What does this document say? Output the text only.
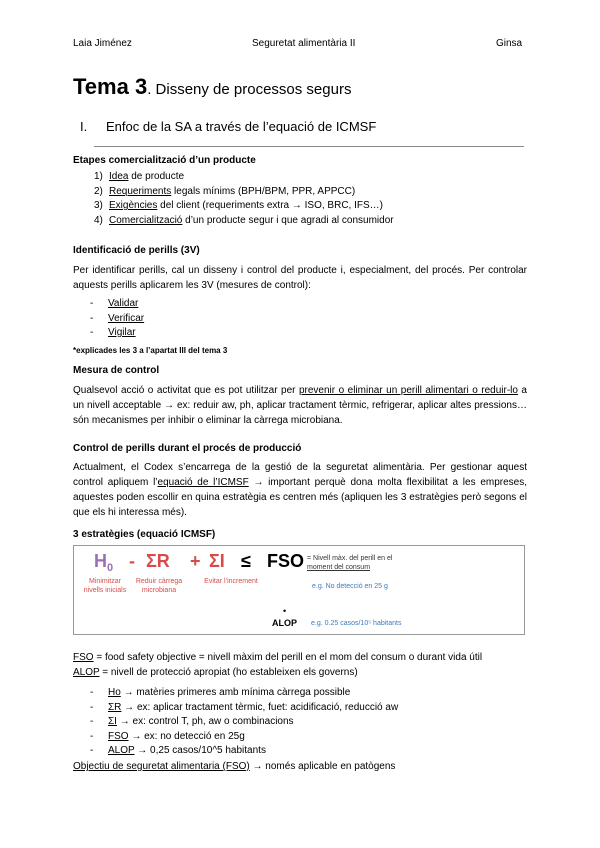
Laia Jiménez	Seguretat alimentària II	Ginsa
Tema 3. Disseny de processos segurs
I. Enfoc de la SA a través de l’equació de ICMSF
Etapes comercialització d’un producte
1) Idea de producte
2) Requeriments legals mínims (BPH/BPM, PPR, APPCC)
3) Exigències del client (requeriments extra → ISO, BRC, IFS…)
4) Comercialització d’un producte segur i que agradi al consumidor
Identificació de perills (3V)
Per identificar perills, cal un disseny i control del producte i, especialment, del procés. Per controlar aquests perills aplicarem les 3V (mesures de control):
- Validar
- Verificar
- Vigilar
*explicades les 3 a l’apartat III del tema 3
Mesura de control
Qualsevol acció o activitat que es pot utilitzar per prevenir o eliminar un perill alimentari o reduir-lo a un nivell acceptable → ex: reduir aw, ph, aplicar tractament tèrmic, refrigerar, aplicar altes pressions… són mecanismes per inhibir o eliminar la càrrega microbiana.
Control de perills durant el procés de producció
Actualment, el Codex s’encarrega de la gestió de la seguretat alimentària. Per gestionar aquest control apliquem l’equació de l’ICMSF → important perquè dona molta flexibilitat a les empreses, aquestes poden escollir en quina estratègia es centren més (apliquen les 3 estratègies però segons el que els hi interessa més).
3 estratègies (equació ICMSF)
$H_0 - \Sigma R + \Sigma I$ ≤ FSO
Minimitzar nivells inicials
Reduir càrrega microbiana
Evitar l’increment
= Nivell màx. del perill en el moment del consum
e.g. No detecció en 25 g
•
ALOP e.g. 0.25 casos/10⁵ habitants
FSO = food safety objective = nivell màxim del perill en el mom del consum o durant vida útil
ALOP = nivell de protecció apropiat (ho estableixen els governs)
- Ho → matèries primeres amb mínima càrrega possible
- ΣR → ex: aplicar tractament tèrmic, fuet: acidificació, reducció aw
- ΣI → ex: control T, ph, aw o combinacions
- FSO → ex: no detecció en 25g
- ALOP → 0,25 casos/10^5 habitants
Objectiu de seguretat alimentaria (FSO) → només aplicable en patògens
